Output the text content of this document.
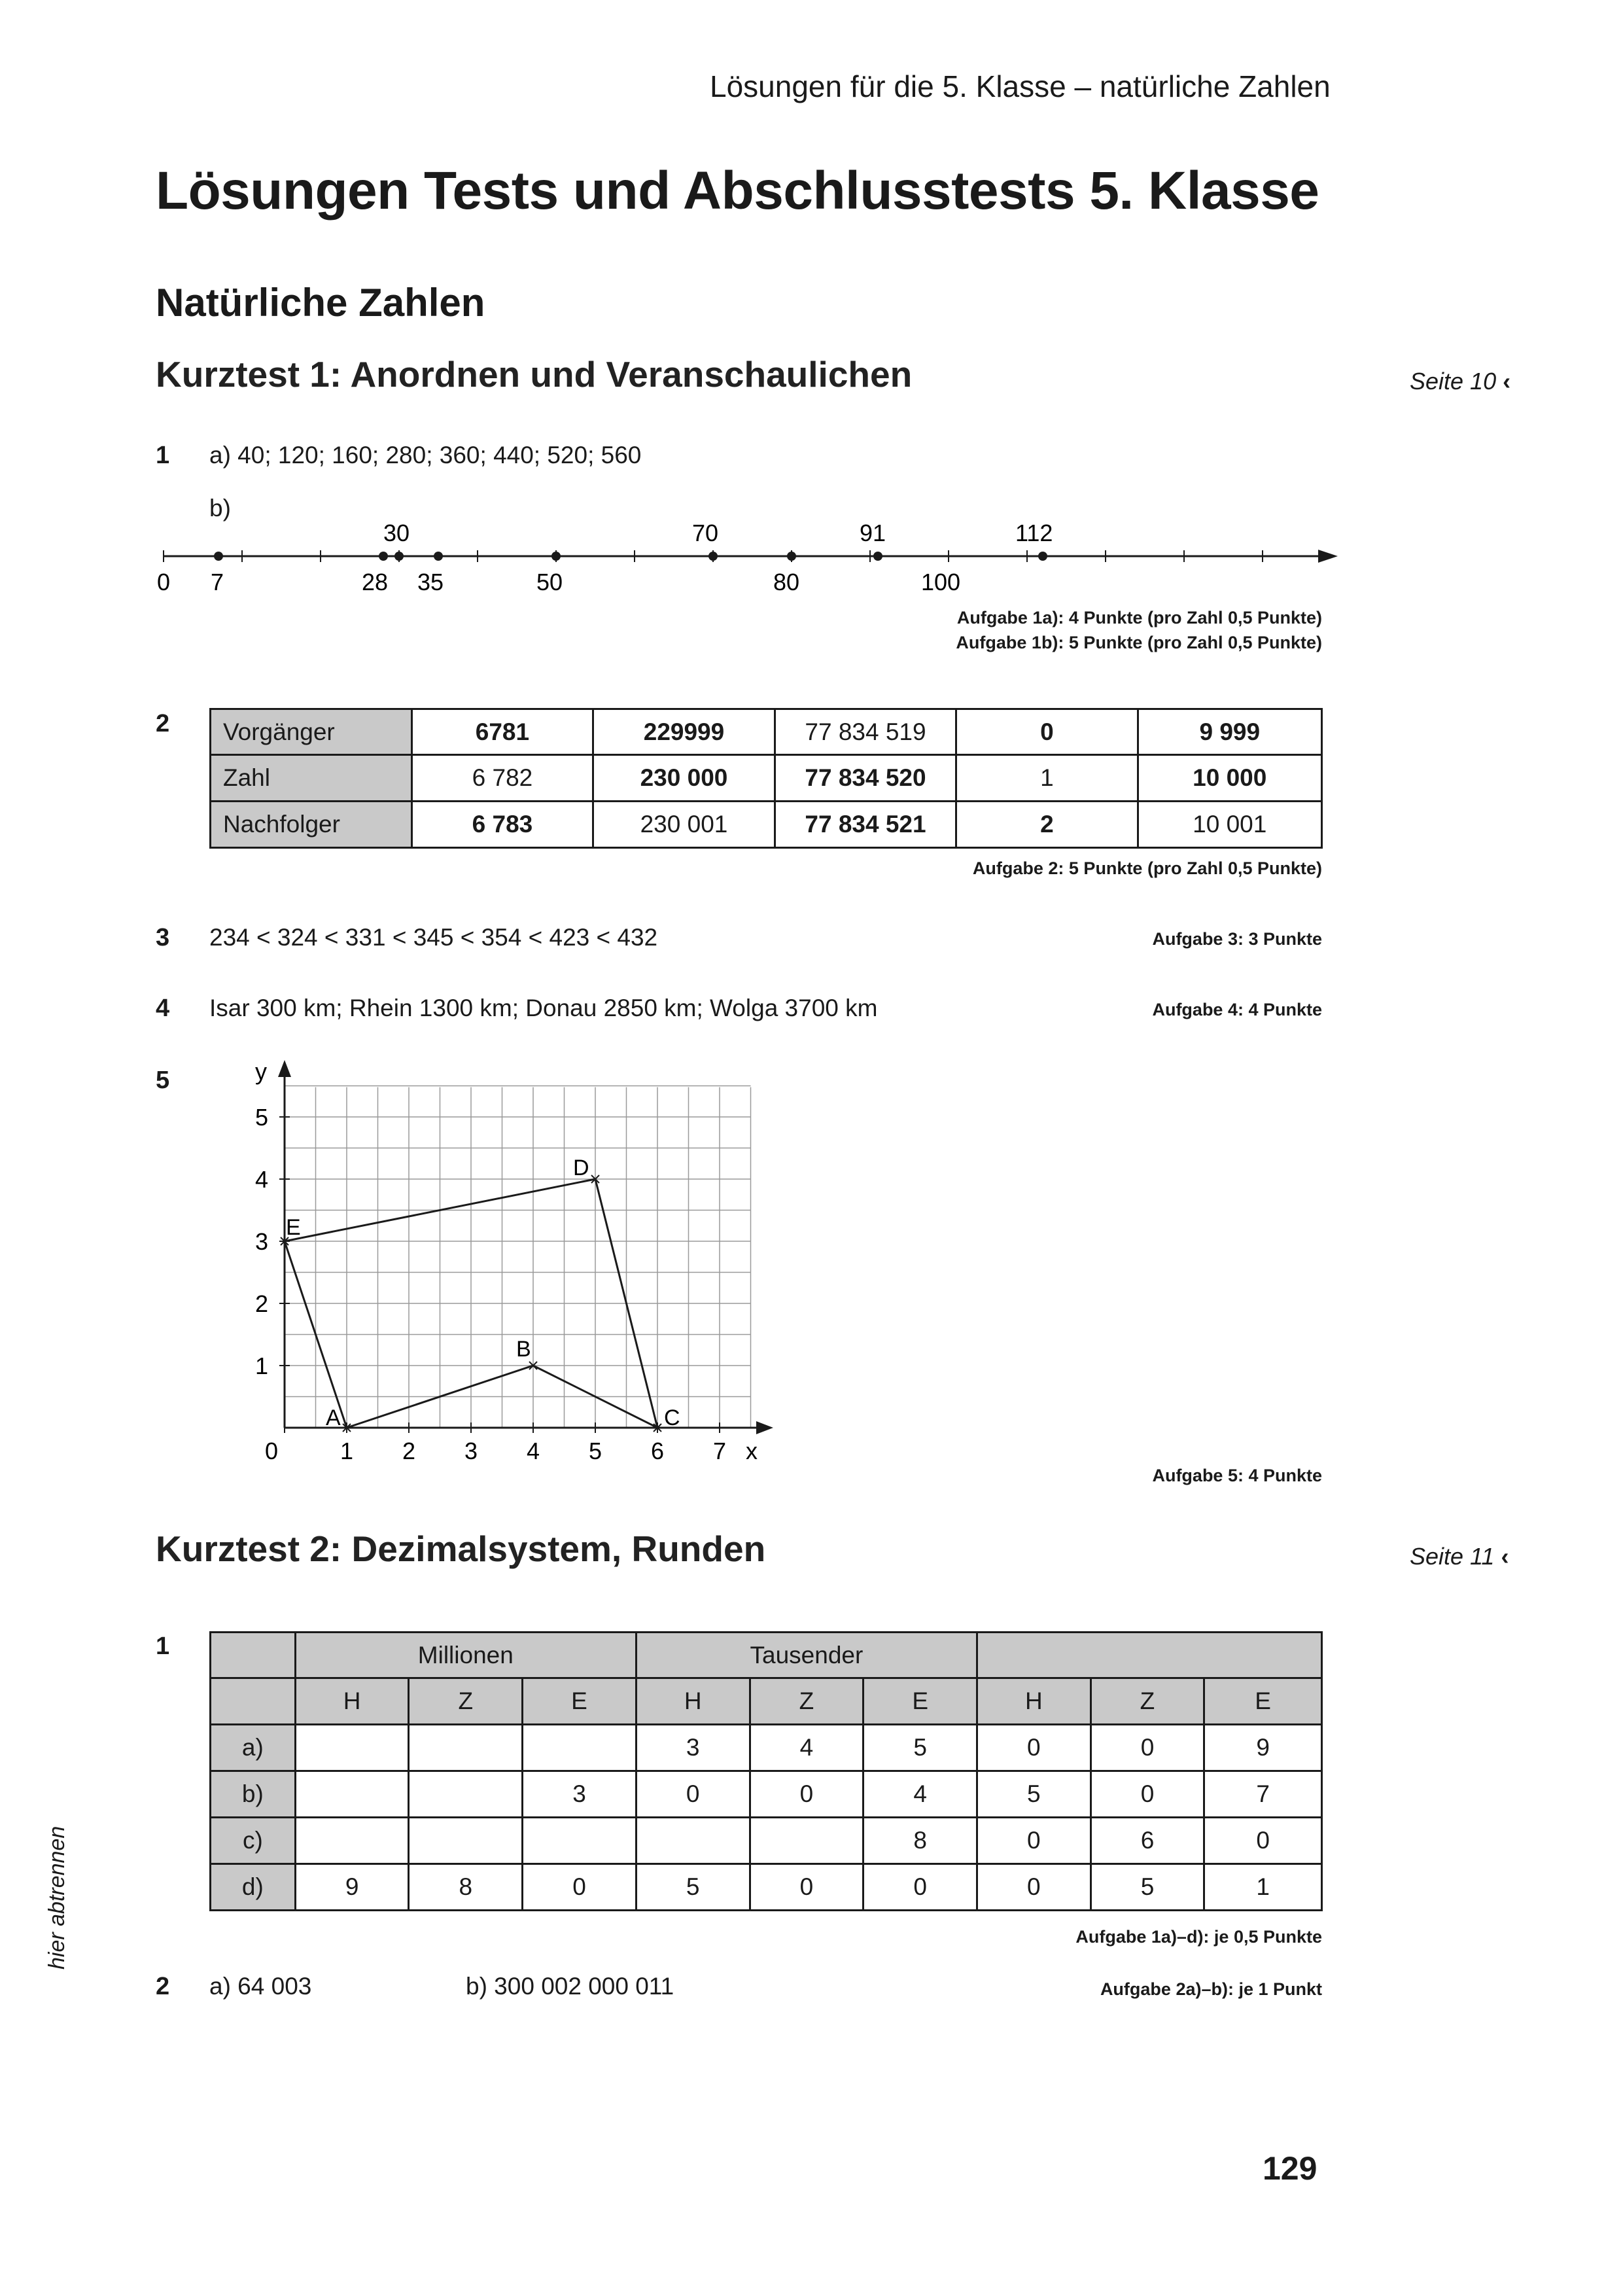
Lösungen für die 5. Klasse – natürliche Zahlen
Lösungen Tests und Abschlusstests 5. Klasse
Natürliche Zahlen
Kurztest 1: Anordnen und Veranschaulichen	Seite 10 ‹
1 a) 40; 120; 160; 280; 360; 440; 520; 560
b)
0 7	28 35	50	80	100
30	70	91	112
Aufgabe 1a): 4 Punkte (pro Zahl 0,5 Punkte)
Aufgabe 1b): 5 Punkte (pro Zahl 0,5 Punkte)
2 Vorgänger	6781	229999	77 834 519	0	9 999
Zahl	6 782	230 000	77 834 520	1	10 000
Nachfolger	6 783	230 001	77 834 521	2	10 001
Aufgabe 2: 5 Punkte (pro Zahl 0,5 Punkte)
3 234 < 324 < 331 < 345 < 354 < 423 < 432	Aufgabe 3: 3 Punkte
4 Isar 300 km; Rhein 1300 km; Donau 2850 km; Wolga 3700 km	Aufgabe 4: 4 Punkte
5	y
x
0	1 2 3 4 5 6 7
1
2
3
4
5
A
B
C
D
E
Aufgabe 5: 4 Punkte
Kurztest 2: Dezimalsystem, Runden	Seite 11 ‹
1
		Millionen			Tausender					
	H	Z	E	H	Z	E	H	Z	E
a)				3	4	5	0	0	9
b)			3	0	0	4	5	0	7
c)						8	0	6	0
d)	9	8	0	5	0	0	0	5	1
Aufgabe 1a)–d): je 0,5 Punkte
2 a) 64 003	b) 300 002 000 011	Aufgabe 2a)–b): je 1 Punkt
hier abtrennen
129
